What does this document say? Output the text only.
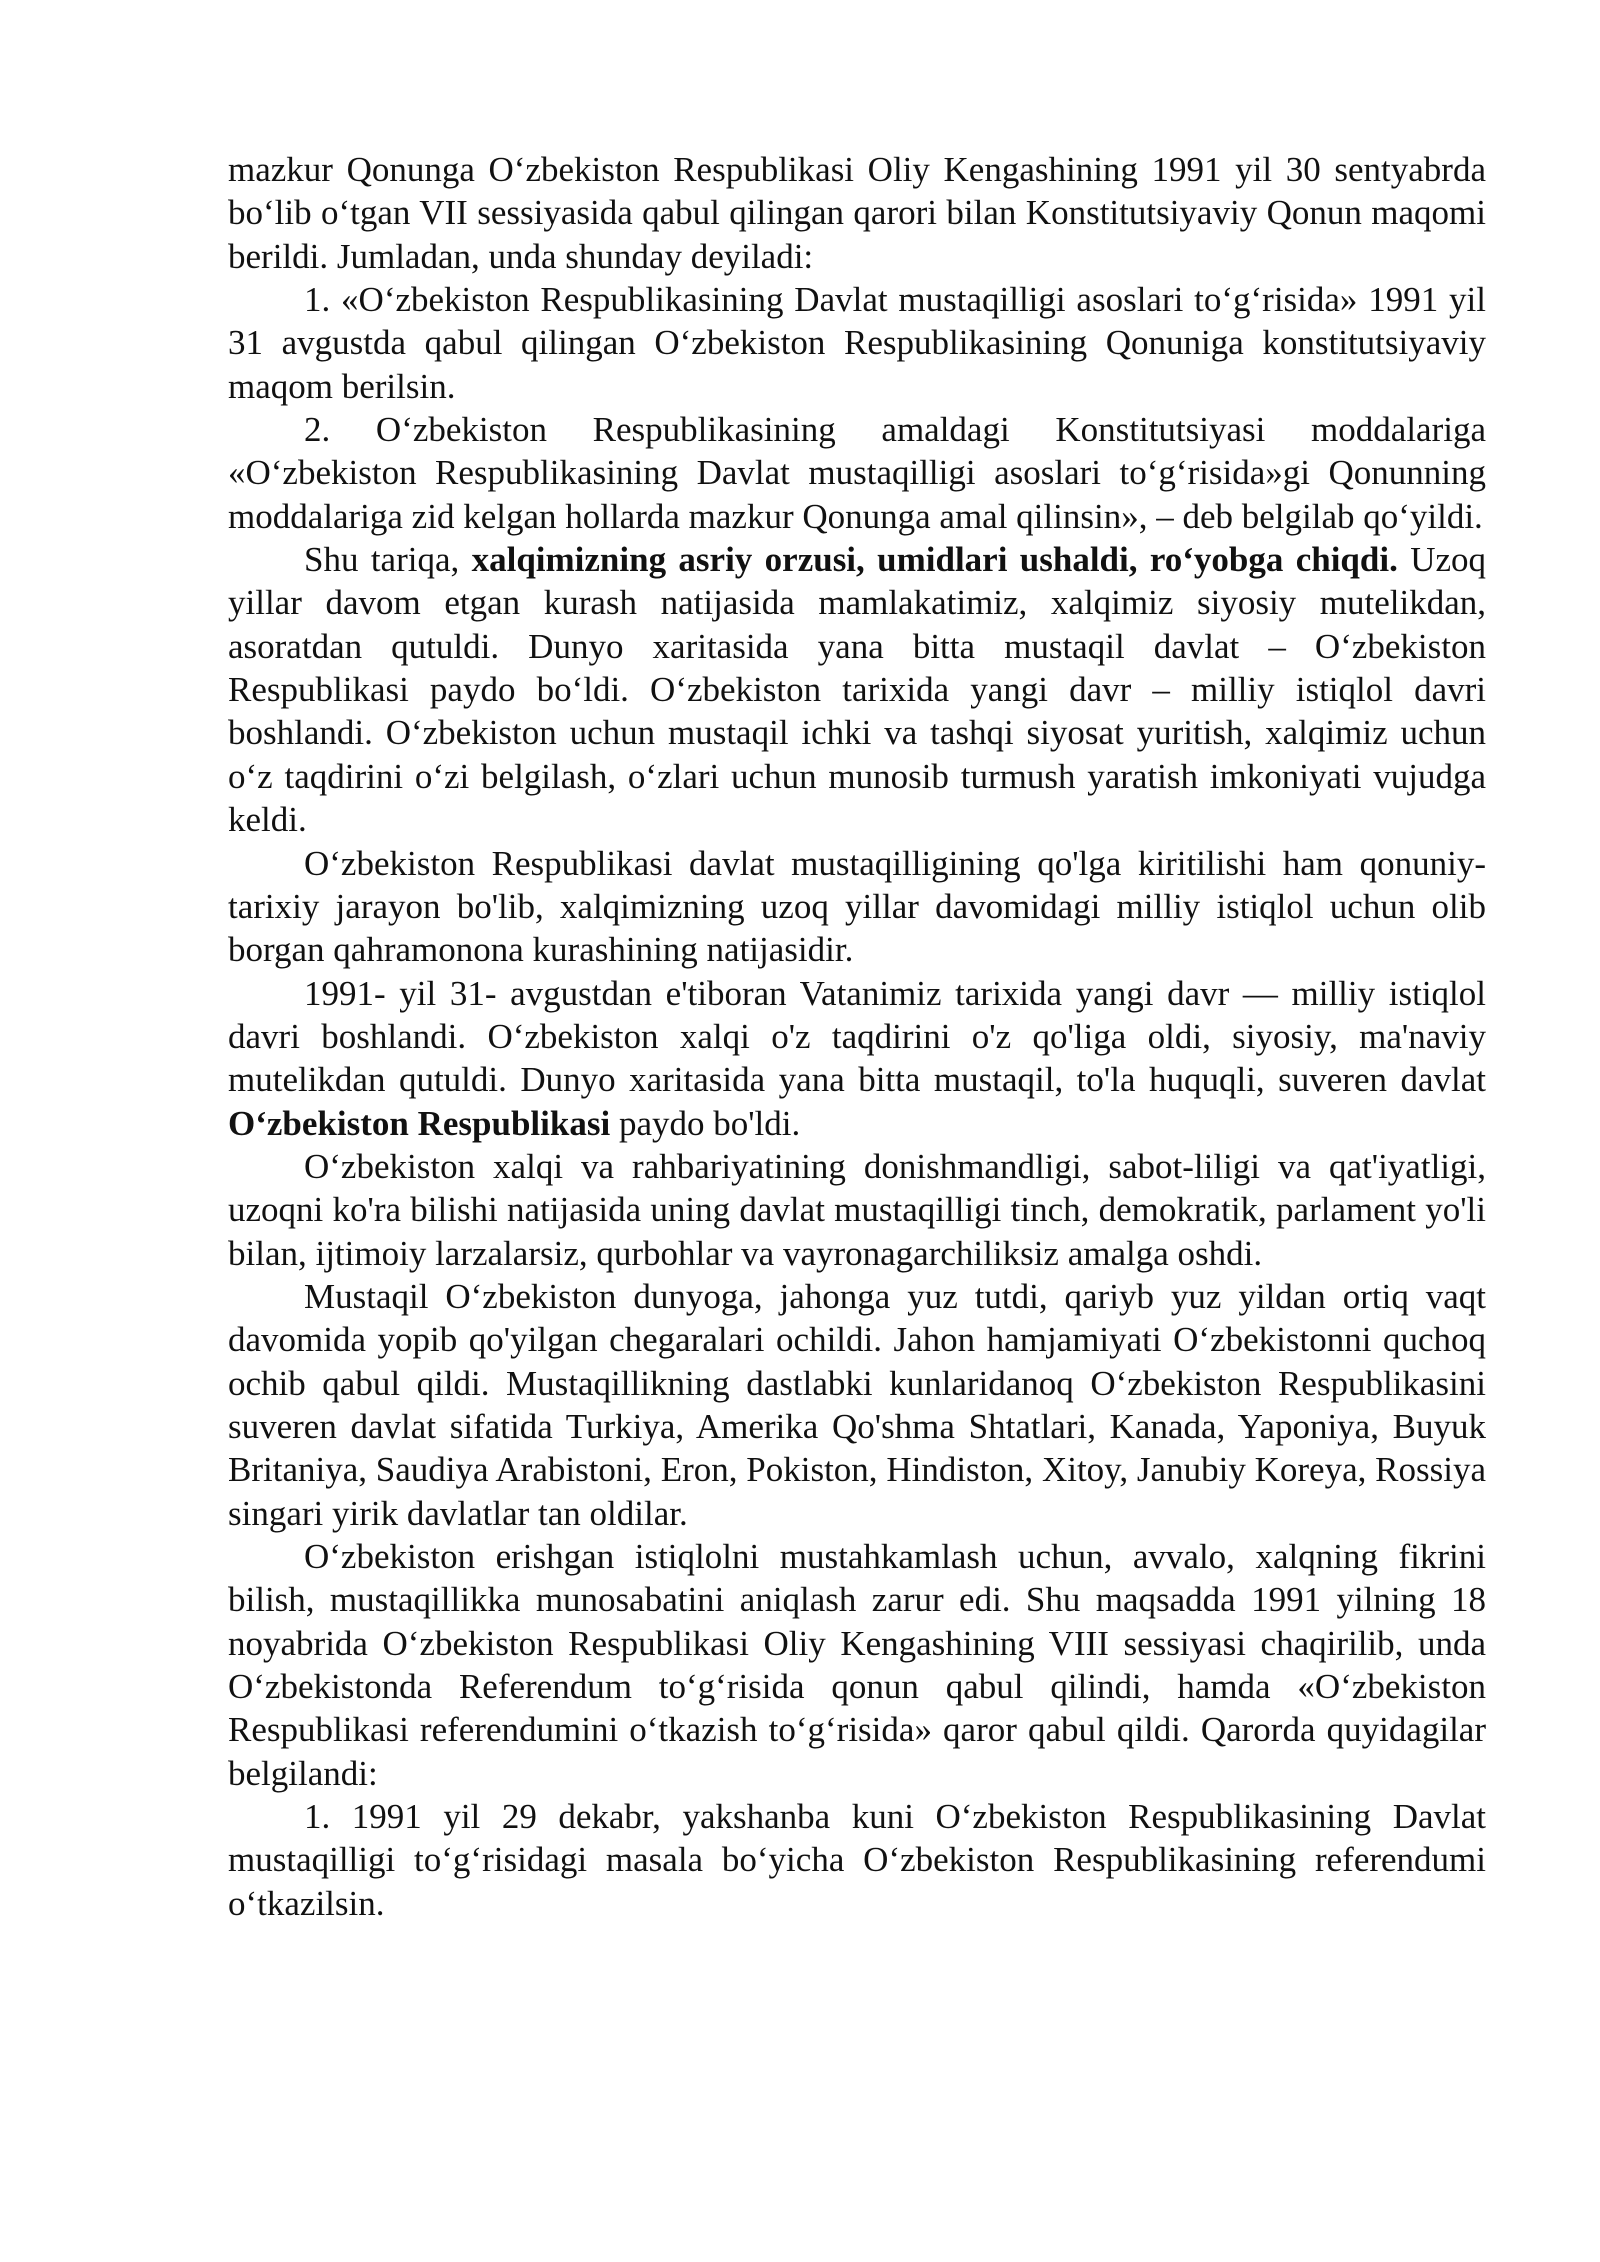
mazkur Qonunga O‘zbekiston Respublikasi Oliy Kengashining 1991 yil 30 sentyabrda bo‘lib o‘tgan VII sessiyasida qabul qilingan qarori bilan Konstitutsiyaviy Qonun maqomi berildi. Jumladan, unda shunday deyiladi:

1. «O‘zbekiston Respublikasining Davlat mustaqilligi asoslari to‘g‘risida» 1991 yil 31 avgustda qabul qilingan O‘zbekiston Respublikasining Qonuniga konstitutsiyaviy maqom berilsin.

2. O‘zbekiston Respublikasining amaldagi Konstitutsiyasi moddalariga «O‘zbekiston Respublikasining Davlat mustaqilligi asoslari to‘g‘risida»gi Qonunning moddalariga zid kelgan hollarda mazkur Qonunga amal qilinsin», – deb belgilab qo‘yildi.

Shu tariqa, xalqimizning asriy orzusi, umidlari ushaldi, ro‘yobga chiqdi. Uzoq yillar davom etgan kurash natijasida mamlakatimiz, xalqimiz siyosiy mutelikdan, asoratdan qutuldi. Dunyo xaritasida yana bitta mustaqil davlat – O‘zbekiston Respublikasi paydo bo‘ldi. O‘zbekiston tarixida yangi davr – milliy istiqlol davri boshlandi. O‘zbekiston uchun mustaqil ichki va tashqi siyosat yuritish, xalqimiz uchun o‘z taqdirini o‘zi belgilash, o‘zlari uchun munosib turmush yaratish imkoniyati vujudga keldi.

O‘zbekiston Respublikasi davlat mustaqilligining qo'lga kiritilishi ham qonuniy-tarixiy jarayon bo'lib, xalqimizning uzoq yillar davomidagi milliy istiqlol uchun olib borgan qahramonona kurashining natijasidir.

1991- yil 31- avgustdan e'tiboran Vatanimiz tarixida yangi davr — milliy istiqlol davri boshlandi. O‘zbekiston xalqi o'z taqdirini o'z qo'liga oldi, siyosiy, ma'naviy mutelikdan qutuldi. Dunyo xaritasida yana bitta mustaqil, to'la huquqli, suveren davlat O‘zbekiston Respublikasi paydo bo'ldi.

O‘zbekiston xalqi va rahbariyatining donishmandligi, sabot-liligi va qat'iyatligi, uzoqni ko'ra bilishi natijasida uning davlat mustaqilligi tinch, demokratik, parlament yo'li bilan, ijtimoiy larzalarsiz, qurbohlar va vayronagarchiliksiz amalga oshdi.

Mustaqil O‘zbekiston dunyoga, jahonga yuz tutdi, qariyb yuz yildan ortiq vaqt davomida yopib qo'yilgan chegaralari ochildi. Jahon hamjamiyati O‘zbekistonni quchoq ochib qabul qildi. Mustaqillikning dastlabki kunlaridanoq O‘zbekiston Respublikasini suveren davlat sifatida Turkiya, Amerika Qo'shma Shtatlari, Kanada, Yaponiya, Buyuk Britaniya, Saudiya Arabistoni, Eron, Pokiston, Hindiston, Xitoy, Janubiy Koreya, Rossiya singari yirik davlatlar tan oldilar.

O‘zbekiston erishgan istiqlolni mustahkamlash uchun, avvalo, xalqning fikrini bilish, mustaqillikka munosabatini aniqlash zarur edi. Shu maqsadda 1991 yilning 18 noyabrida O‘zbekiston Respublikasi Oliy Kengashining VIII sessiyasi chaqirilib, unda O‘zbekistonda Referendum to‘g‘risida qonun qabul qilindi, hamda «O‘zbekiston Respublikasi referendumini o‘tkazish to‘g‘risida» qaror qabul qildi. Qarorda quyidagilar belgilandi:

1. 1991 yil 29 dekabr, yakshanba kuni O‘zbekiston Respublikasining Davlat mustaqilligi to‘g‘risidagi masala bo‘yicha O‘zbekiston Respublikasining referendumi o‘tkazilsin.
